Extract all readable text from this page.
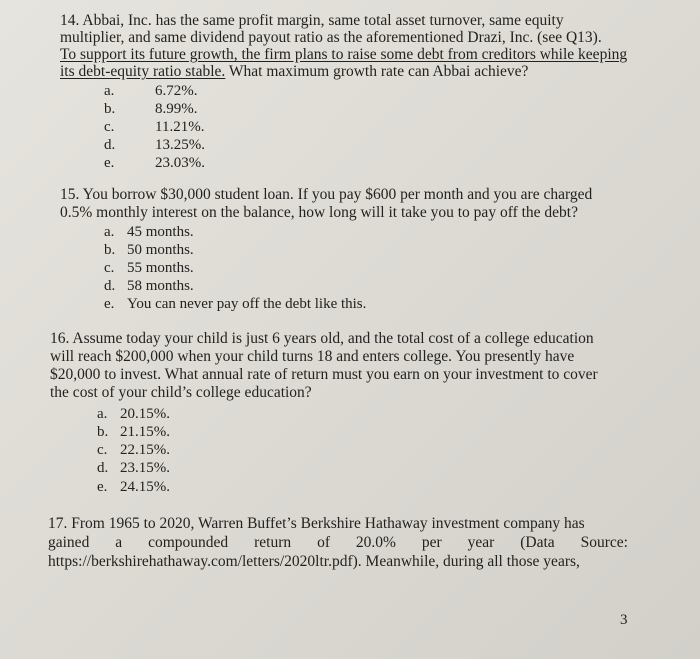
14. Abbai, Inc. has the same profit margin, same total asset turnover, same equity
multiplier, and same dividend payout ratio as the aforementioned Drazi, Inc. (see Q13).
To support its future growth, the firm plans to raise some debt from creditors while keeping
its debt-equity ratio stable. What maximum growth rate can Abbai achieve?
a.	6.72%.
b.	8.99%.
c.	11.21%.
d.	13.25%.
e.	23.03%.
15. You borrow $30,000 student loan. If you pay $600 per month and you are charged
0.5% monthly interest on the balance, how long will it take you to pay off the debt?
a. 45 months.
b. 50 months.
c. 55 months.
d. 58 months.
e. You can never pay off the debt like this.
16. Assume today your child is just 6 years old, and the total cost of a college education
will reach $200,000 when your child turns 18 and enters college. You presently have
$20,000 to invest. What annual rate of return must you earn on your investment to cover
the cost of your child’s college education?
a. 20.15%.
b. 21.15%.
c. 22.15%.
d. 23.15%.
e. 24.15%.
17. From 1965 to 2020, Warren Buffet’s Berkshire Hathaway investment company has
gained a compounded return of 20.0% per year (Data Source:
https://berkshirehathaway.com/letters/2020ltr.pdf). Meanwhile, during all those years,
3
